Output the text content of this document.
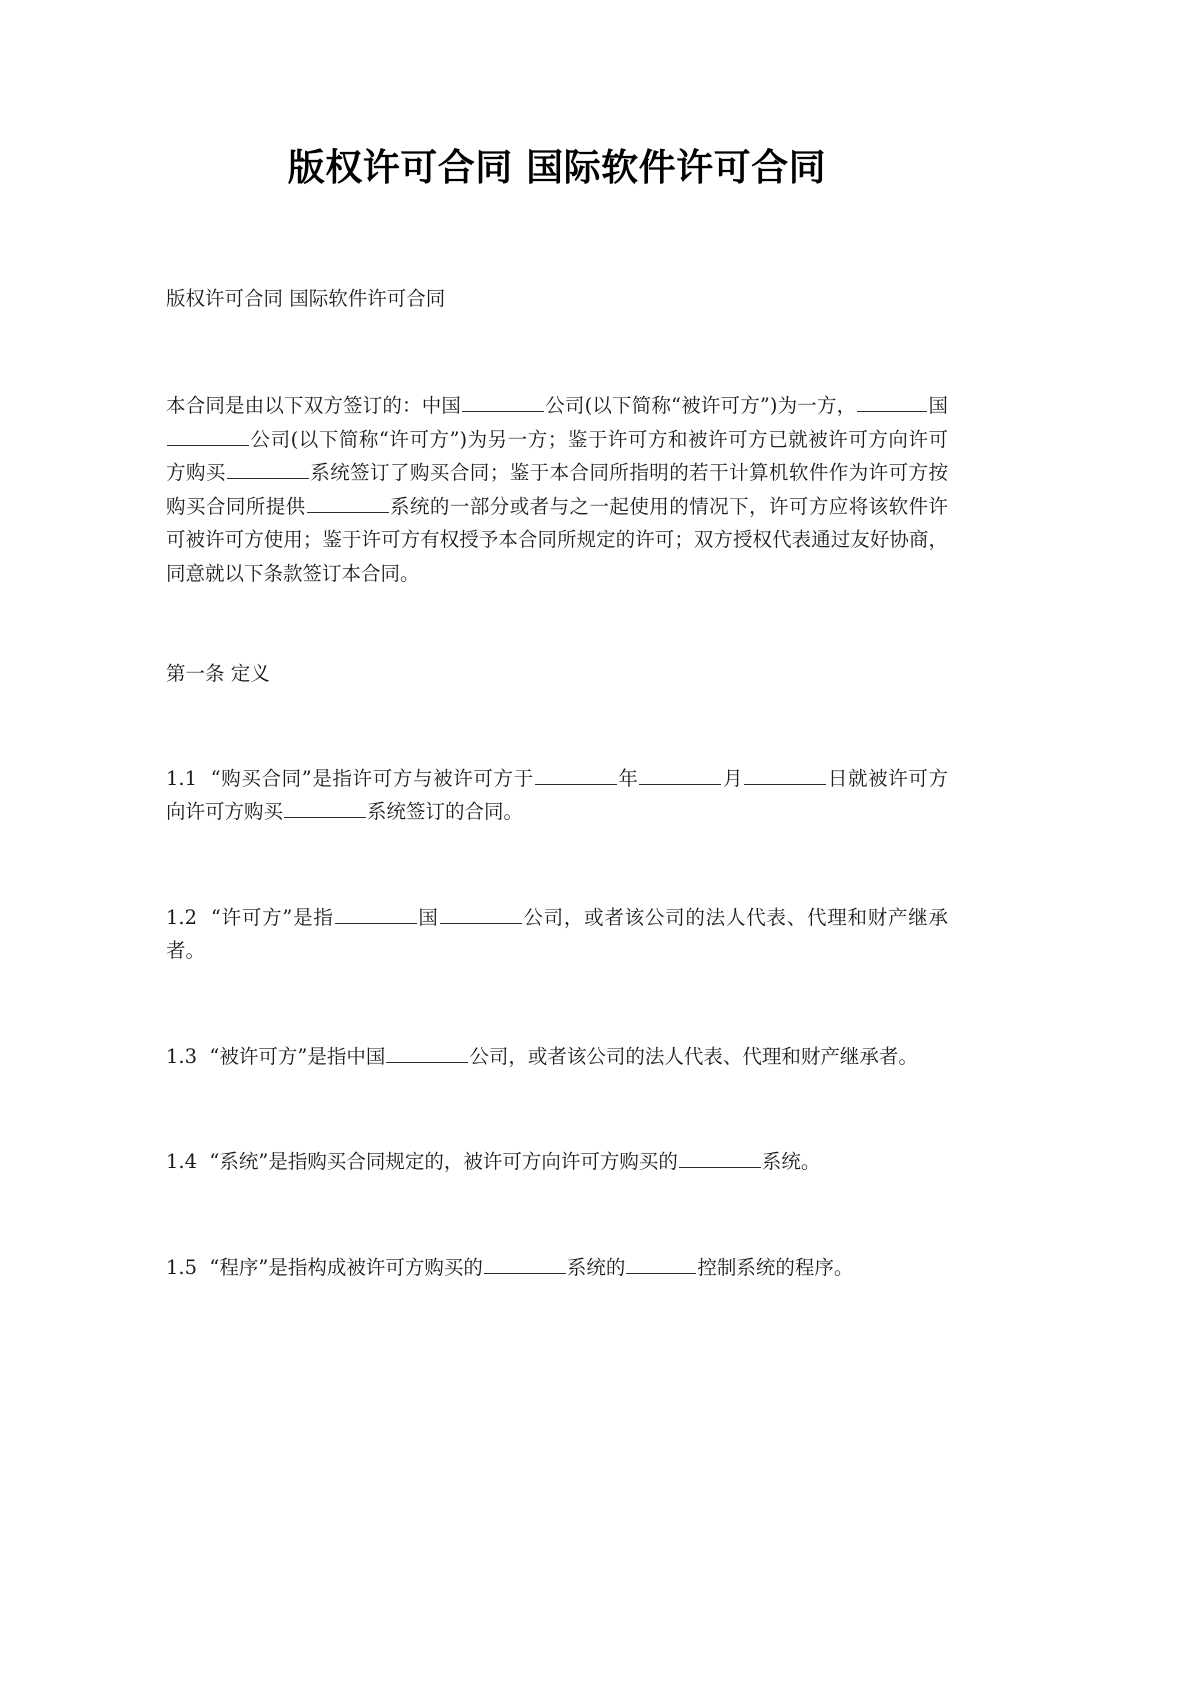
版权许可合同 国际软件许可合同

版权许可合同 国际软件许可合同

本合同是由以下双方签订的：中国	公司(以下简称“被许可方”)为一方，	国公司(以下简称“许可方”)为另一方；鉴于许可方和被许可方已就被许可方向许可方购买	系统签订了购买合同；鉴于本合同所指明的若干计算机软件作为许可方按购买合同所提供	系统的一部分或者与之一起使用的情况下，许可方应将该软件许可被许可方使用；鉴于许可方有权授予本合同所规定的许可；双方授权代表通过友好协商，同意就以下条款签订本合同。

第一条 定义

1.1 “购买合同”是指许可方与被许可方于	年	月	日就被许可方向许可方购买	系统签订的合同。

1.2 “许可方”是指	国	公司，或者该公司的法人代表、代理和财产继承者。

1.3 “被许可方”是指中国	公司，或者该公司的法人代表、代理和财产继承者。

1.4 “系统”是指购买合同规定的，被许可方向许可方购买的	系统。

1.5 “程序”是指构成被许可方购买的	系统的	控制系统的程序。
